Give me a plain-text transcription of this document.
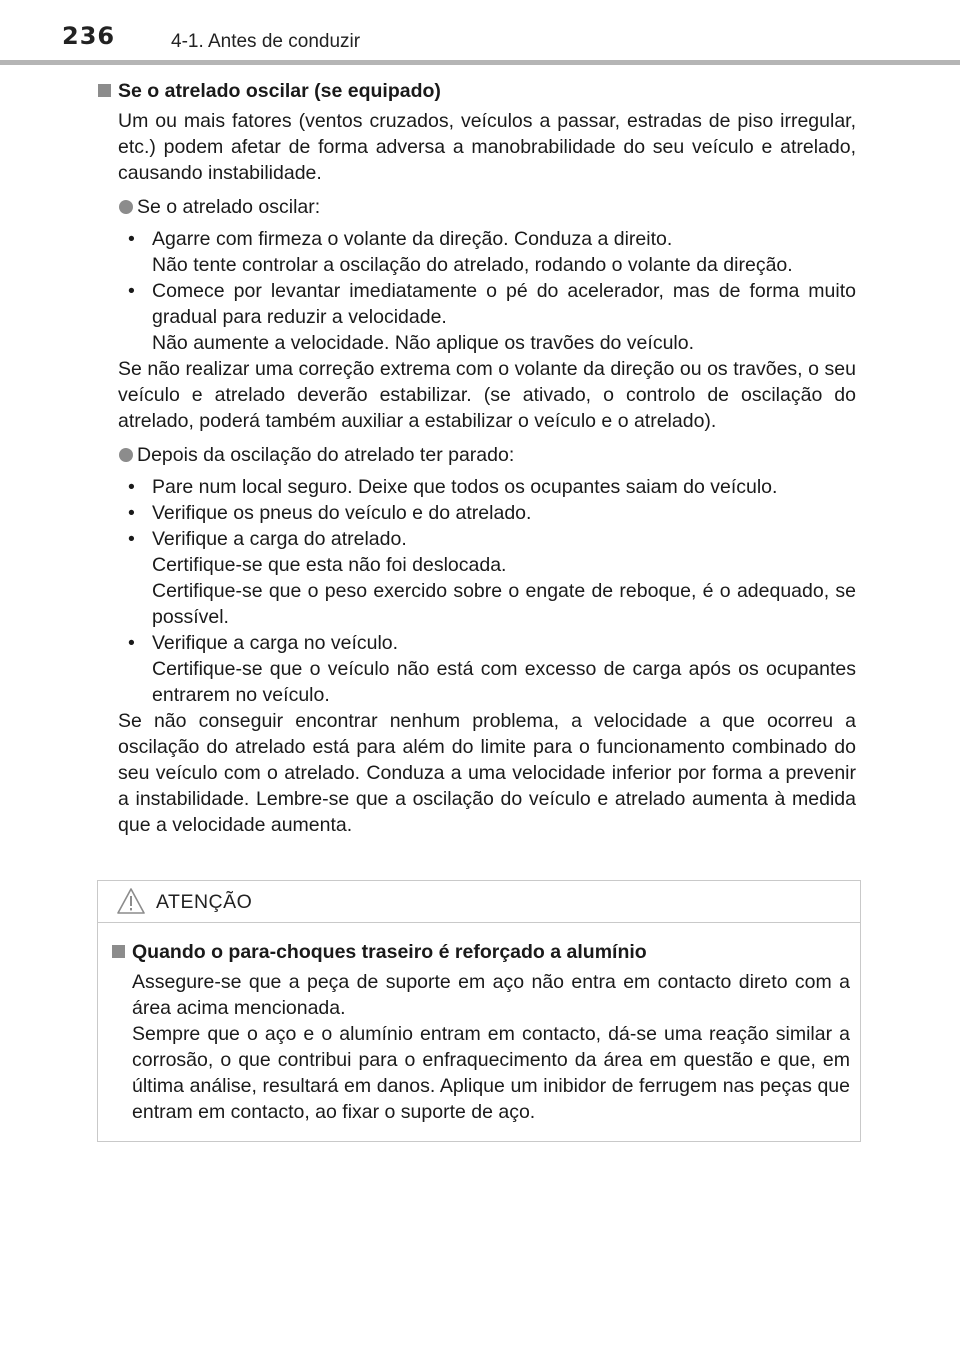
236	4-1. Antes de conduzir
Se o atrelado oscilar (se equipado)

Um ou mais fatores (ventos cruzados, veículos a passar, estradas de piso irregular, etc.) podem afetar de forma adversa a manobrabilidade do seu veículo e atrelado, causando instabilidade.

Se o atrelado oscilar:
• Agarre com firmeza o volante da direção. Conduza a direito.
Não tente controlar a oscilação do atrelado, rodando o volante da direção.
• Comece por levantar imediatamente o pé do acelerador, mas de forma muito gradual para reduzir a velocidade.
Não aumente a velocidade. Não aplique os travões do veículo.

Se não realizar uma correção extrema com o volante da direção ou os travões, o seu veículo e atrelado deverão estabilizar. (se ativado, o controlo de oscilação do atrelado, poderá também auxiliar a estabilizar o veículo e o atrelado).

Depois da oscilação do atrelado ter parado:
• Pare num local seguro. Deixe que todos os ocupantes saiam do veículo.
• Verifique os pneus do veículo e do atrelado.
• Verifique a carga do atrelado.
Certifique-se que esta não foi deslocada.
Certifique-se que o peso exercido sobre o engate de reboque, é o adequado, se possível.
• Verifique a carga no veículo.
Certifique-se que o veículo não está com excesso de carga após os ocupantes entrarem no veículo.

Se não conseguir encontrar nenhum problema, a velocidade a que ocorreu a oscilação do atrelado está para além do limite para o funcionamento combinado do seu veículo com o atrelado. Conduza a uma velocidade inferior por forma a prevenir a instabilidade. Lembre-se que a oscilação do veículo e atrelado aumenta à medida que a velocidade aumenta.

ATENÇÃO
Quando o para-choques traseiro é reforçado a alumínio

Assegure-se que a peça de suporte em aço não entra em contacto direto com a área acima mencionada.

Sempre que o aço e o alumínio entram em contacto, dá-se uma reação similar a corrosão, o que contribui para o enfraquecimento da área em questão e que, em última análise, resultará em danos. Aplique um inibidor de ferrugem nas peças que entram em contacto, ao fixar o suporte de aço.
